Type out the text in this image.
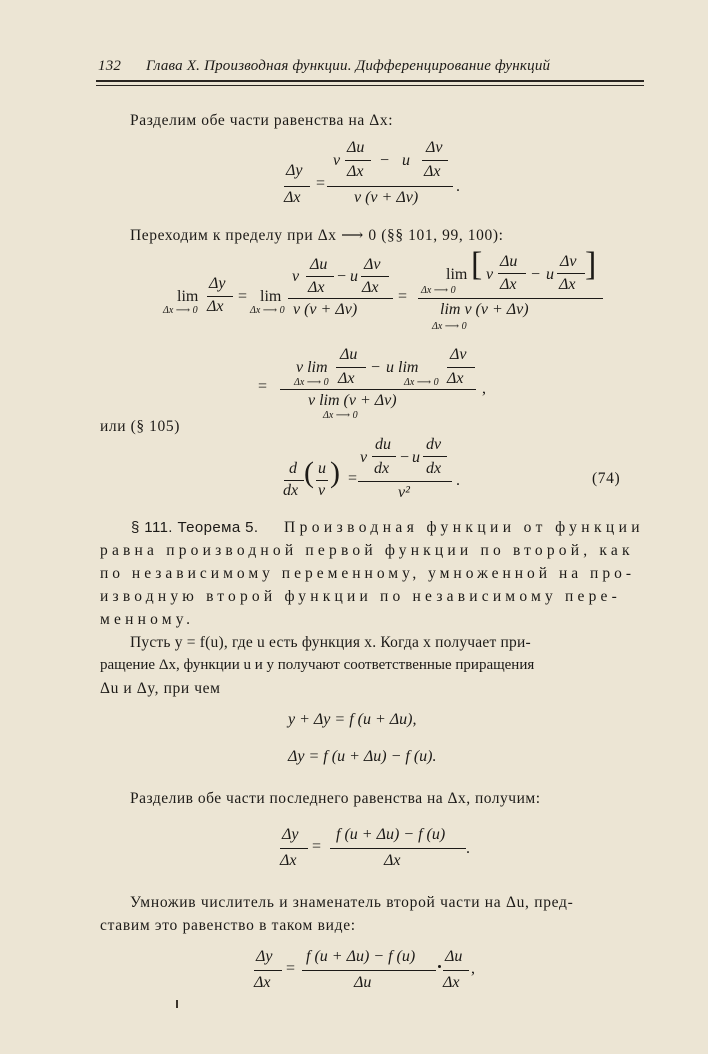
132 Глава X. Производная функции. Дифференцирование функций
Разделим обе части равенства на Δx:
Δy
Δx
=
Δu	Δv
v − u
Δx	Δx
v (v + Δv)
.
Переходим к пределу при Δx ⟶ 0 (§§ 101, 99, 100):
lim
Δx ⟶ 0
Δy
Δx
= lim
Δx ⟶ 0
Δu Δv
v − u
Δx Δx
v (v + Δv)
=
lim
Δx ⟶ 0
[ Δu	Δv
v − u
Δx	Δx
]
lim v (v + Δv)
Δx ⟶ 0
=
Δu	Δv
v lim	− u lim
Δx	Δx
Δx ⟶ 0	Δx ⟶ 0
v lim (v + Δv)
Δx ⟶ 0
,
или (§ 105)
d
dx
( u
v
) =
du dv
v − u
dx dx
v²
.	(74)
§ 111. Теорема 5. Производная функции от функции
равна производной первой функции по второй, как
по независимому переменному, умноженной на про-
изводную второй функции по независимому пере-
менному.
Пусть y = f(u), где u есть функция x. Когда x получает при-
ращение Δx, функции u и y получают соответственные приращения
Δu и Δy, при чем
y + Δy = f (u + Δu),
Δy = f (u + Δu) − f (u).
Разделив обе части последнего равенства на Δx, получим:
Δy
Δx
=
f (u + Δu) − f (u)
Δx
.
Умножив числитель и знаменатель второй части на Δu, пред-
ставим это равенство в таком виде:
Δy
Δx
=
f (u + Δu) − f (u)
Δu
Δu
Δx
,
